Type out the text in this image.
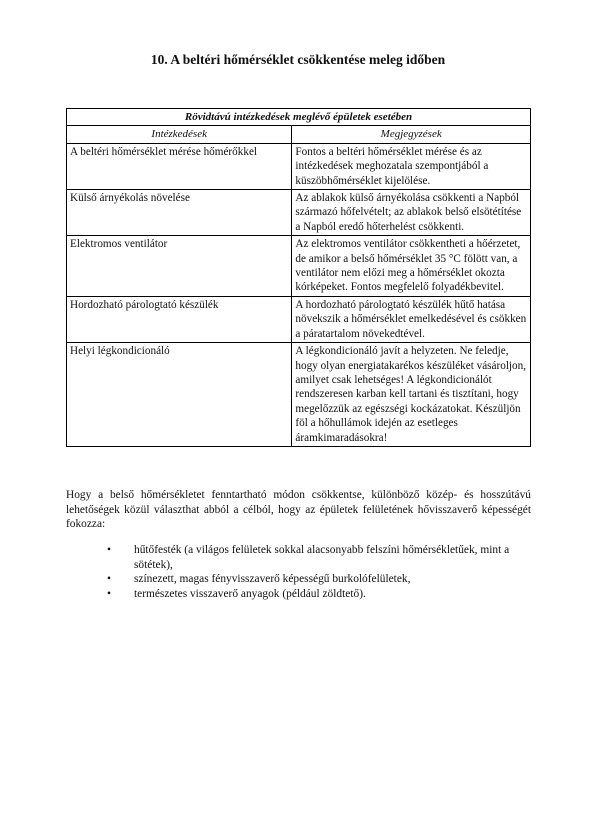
10. A beltéri hőmérséklet csökkentése meleg időben
Rövidtávú intézkedések meglévő épületek esetében	
Intézkedések	Megjegyzések
A beltéri hőmérséklet mérése hőmérőkkel	Fontos a beltéri hőmérséklet mérése és az intézkedések meghozatala szempontjából a küszöbhőmérséklet kijelölése.
Külső árnyékolás növelése	Az ablakok külső árnyékolása csökkenti a Napból származó hőfelvételt; az ablakok belső elsötétítése a Napból eredő hőterhelést csökkenti.
Elektromos ventilátor	Az elektromos ventilátor csökkentheti a hőérzetet, de amikor a belső hőmérséklet 35 °C fölött van, a ventilátor nem előzi meg a hőmérséklet okozta kórképeket. Fontos megfelelő folyadékbevitel.
Hordozható párologtató készülék	A hordozható párologtató készülék hűtő hatása növekszik a hőmérséklet emelkedésével és csökken a páratartalom növekedtével.
Helyi légkondicionáló	A légkondicionáló javít a helyzeten. Ne feledje, hogy olyan energiatakarékos készüléket vásároljon, amilyet csak lehetséges! A légkondicionálót rendszeresen karban kell tartani és tisztítani, hogy megelőzzük az egészségi kockázatokat. Készüljön föl a hőhullámok idején az esetleges áramkimaradásokra!

Hogy a belső hőmérsékletet fenntartható módon csökkentse, különböző közép- és hosszútávú lehetőségek közül választhat abból a célból, hogy az épületek felületének hővisszaverő képességét fokozza:

• hűtőfesték (a világos felületek sokkal alacsonyabb felszíni hőmérsékletűek, mint a sötétek),
• színezett, magas fényvisszaverő képességű burkolófelületek,
• természetes visszaverő anyagok (például zöldtető).
